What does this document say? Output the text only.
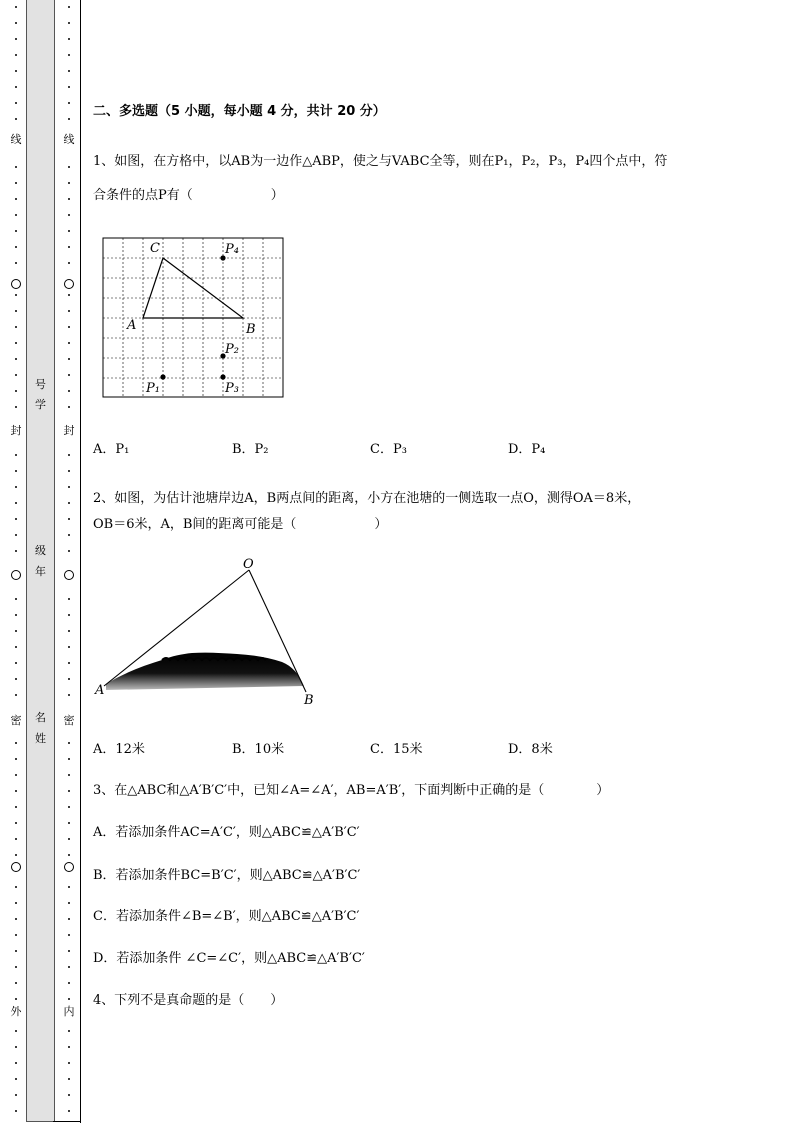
线
封
密
外
号
学
级
年
名
姓
线
封
密
内
二、多选题（5 小题，每小题 4 分，共计 20 分）
1、如图，在方格中，以AB为一边作△ABP，使之与VABC全等，则在P₁，P₂，P₃，P₄四个点中，符
合条件的点P有（　　　　　　）
C
A	B
P₄
P₂
P₁	P₃
A．P₁	B．P₂	C．P₃	D．P₄
2、如图，为估计池塘岸边A，B两点间的距离，小方在池塘的一侧选取一点O，测得OA＝8米，
OB＝6米，A，B间的距离可能是（　　　　　　）
O
A
B
A．12米	B．10米	C．15米	D．8米
3、在△ABC和△A′B′C′中，已知∠A=∠A′，AB=A′B′，下面判断中正确的是（　　　　）
A．若添加条件AC=A′C′，则△ABC≌△A′B′C′
B．若添加条件BC=B′C′，则△ABC≌△A′B′C′
C．若添加条件∠B=∠B′，则△ABC≌△A′B′C′
D．若添加条件 ∠C=∠C′，则△ABC≌△A′B′C′
4、下列不是真命题的是（　　）
